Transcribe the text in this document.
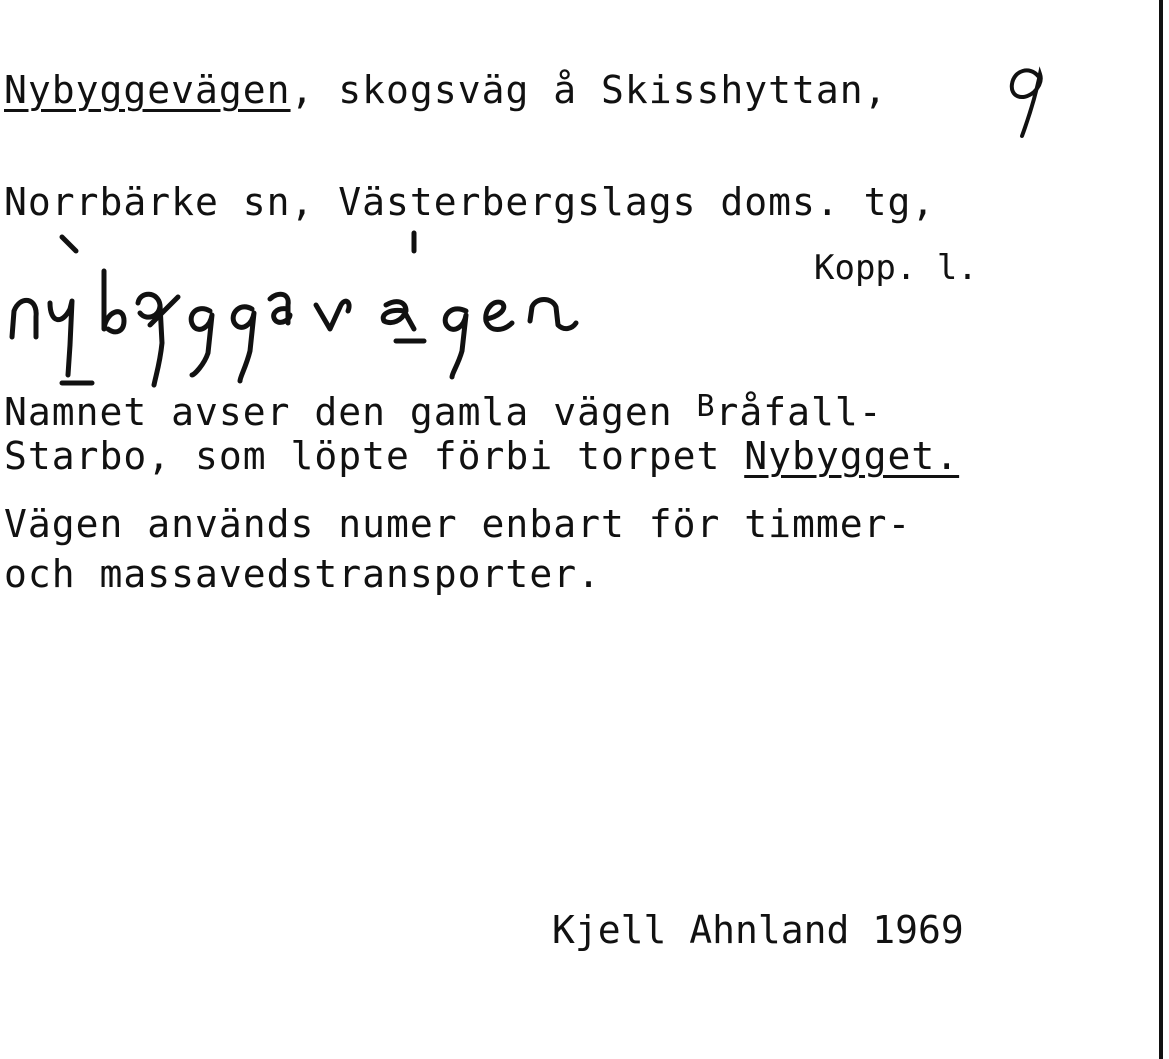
Nybyggevägen, skogsväg å Skisshyttan,
Norrbärke sn, Västerbergslags doms. tg,
Kopp. l.
Namnet avser den gamla vägen $^B$råfall-
Starbo, som löpte förbi torpet Nybygget.
Vägen används numer enbart för timmer-
och massavedstransporter.
Kjell Ahnland 1969
